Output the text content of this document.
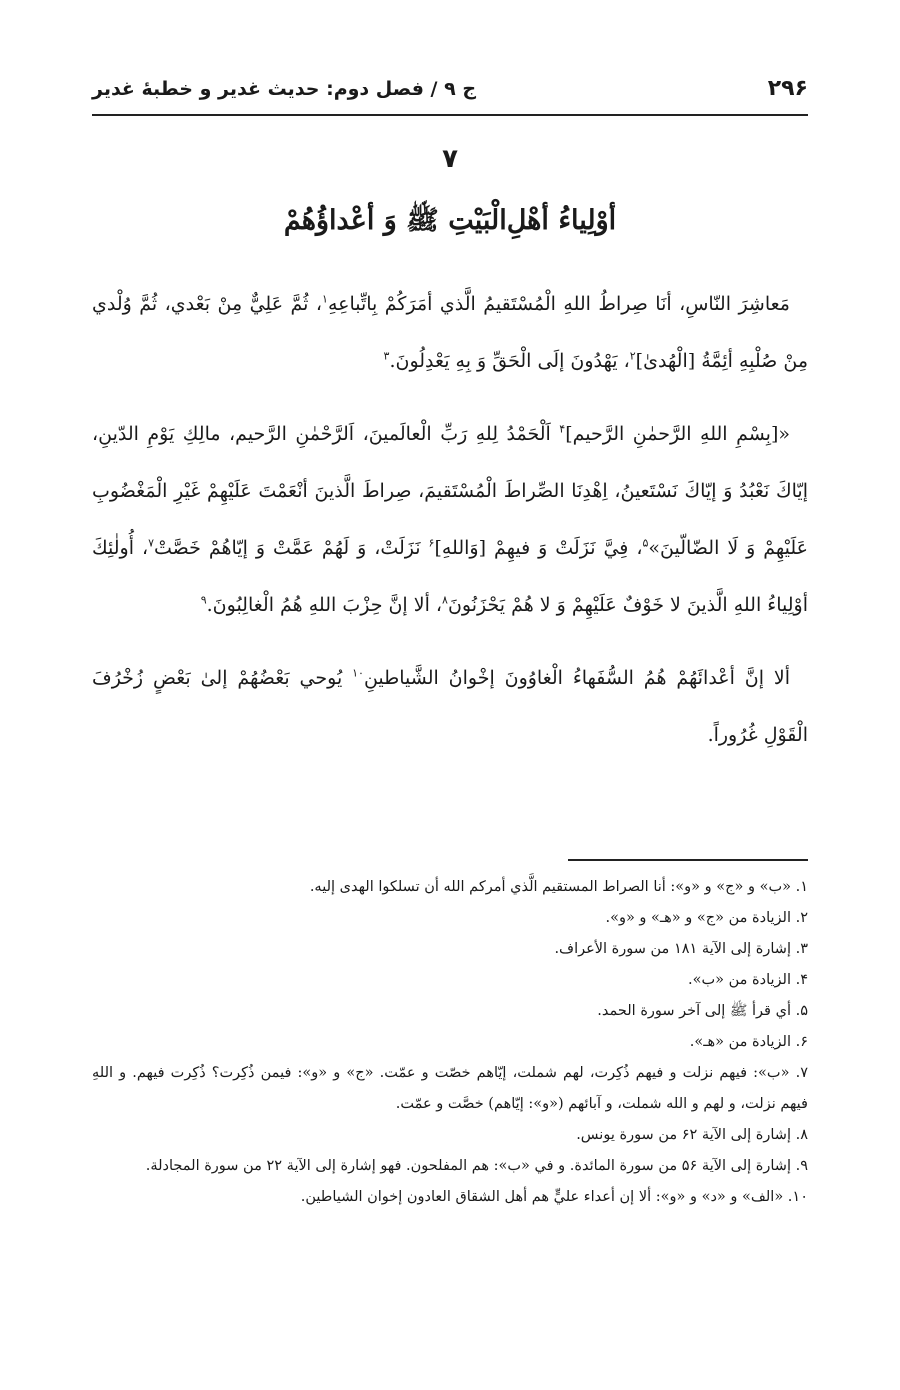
۲۹۶
ج ۹ / فصل دوم: حديث غدير و خطبهٔ غدير
۷
أوْلِياءُ أهْلِ‌الْبَيْتِ ﷺ وَ أعْداؤُهُمْ

مَعاشِرَ النّاسِ، أنَا صِراطُ اللهِ الْمُسْتَقيمُ الَّذي أمَرَكُمْ بِاتِّباعِهِ$^۱$، ثُمَّ عَلِيٌّ مِنْ بَعْدي، ثُمَّ وُلْدي مِنْ صُلْبِهِ أئِمَّةُ [الْهُدیٰ]$^۲$، يَهْدُونَ إلَى الْحَقِّ وَ بِهِ يَعْدِلُونَ.$^۳$

«[بِسْمِ اللهِ الرَّحمٰنِ الرَّحيم]$^۴$ اَلْحَمْدُ لِلهِ رَبِّ الْعالَمينَ، اَلرَّحْمٰنِ الرَّحيم، مالِكِ يَوْمِ الدّينِ، إيّاكَ نَعْبُدُ وَ إيّاكَ نَسْتَعينُ، اِهْدِنَا الصِّراطَ الْمُسْتَقيمَ، صِراطَ الَّذينَ أنْعَمْتَ عَلَيْهِمْ غَيْرِ الْمَغْضُوبِ عَلَيْهِمْ وَ لَا الضّالّينَ»$^۵$، فِيَّ نَزَلَتْ وَ فيهِمْ [وَاللهِ]$^۶$ نَزَلَتْ، وَ لَهُمْ عَمَّتْ وَ إيّاهُمْ خَصَّتْ$^۷$، أُولٰئِكَ أوْلِياءُ اللهِ الَّذينَ لا خَوْفٌ عَلَيْهِمْ وَ لا هُمْ يَحْزَنُونَ$^۸$، ألا إنَّ حِزْبَ اللهِ هُمُ الْغالِبُونَ.$^۹$

ألا إنَّ أعْدائَهُمْ هُمُ السُّفَهاءُ الْغاوُونَ إخْوانُ الشَّياطينِ$^{۱۰}$ يُوحي بَعْضُهُمْ إلىٰ بَعْضٍ زُخْرُفَ الْقَوْلِ غُرُوراً.

۱. «ب» و «ج» و «و»: أنا الصراط المستقيم الَّذي أمركم الله أن تسلكوا الهدى إليه.
۲. الزيادة من «ج» و «هـ» و «و».
۳. إشارة إلى الآية ۱۸۱ من سورة الأعراف.
۴. الزيادة من «ب».
۵. أي قرأ ﷺ إلى آخر سورة الحمد.
۶. الزيادة من «هـ».
۷. «ب»: فيهم نزلت و فيهم ذُكِرت، لهم شملت، إيّاهم خصّت و عمّت. «ج» و «و»: فيمن ذُكِرت؟ ذُكِرت فيهم. و اللهِ فيهم نزلت، و لهم و الله شملت، و آبائهم («و»: إيّاهم) خصَّت و عمّت.
۸. إشارة إلى الآية ۶۲ من سورة يونس.
۹. إشارة إلى الآية ۵۶ من سورة المائدة. و في «ب»: هم المفلحون. فهو إشارة إلى الآية ۲۲ من سورة المجادلة.
۱۰. «الف» و «د» و «و»: ألا إن أعداء عليٍّ هم أهل الشقاق العادون إخوان الشياطين.
